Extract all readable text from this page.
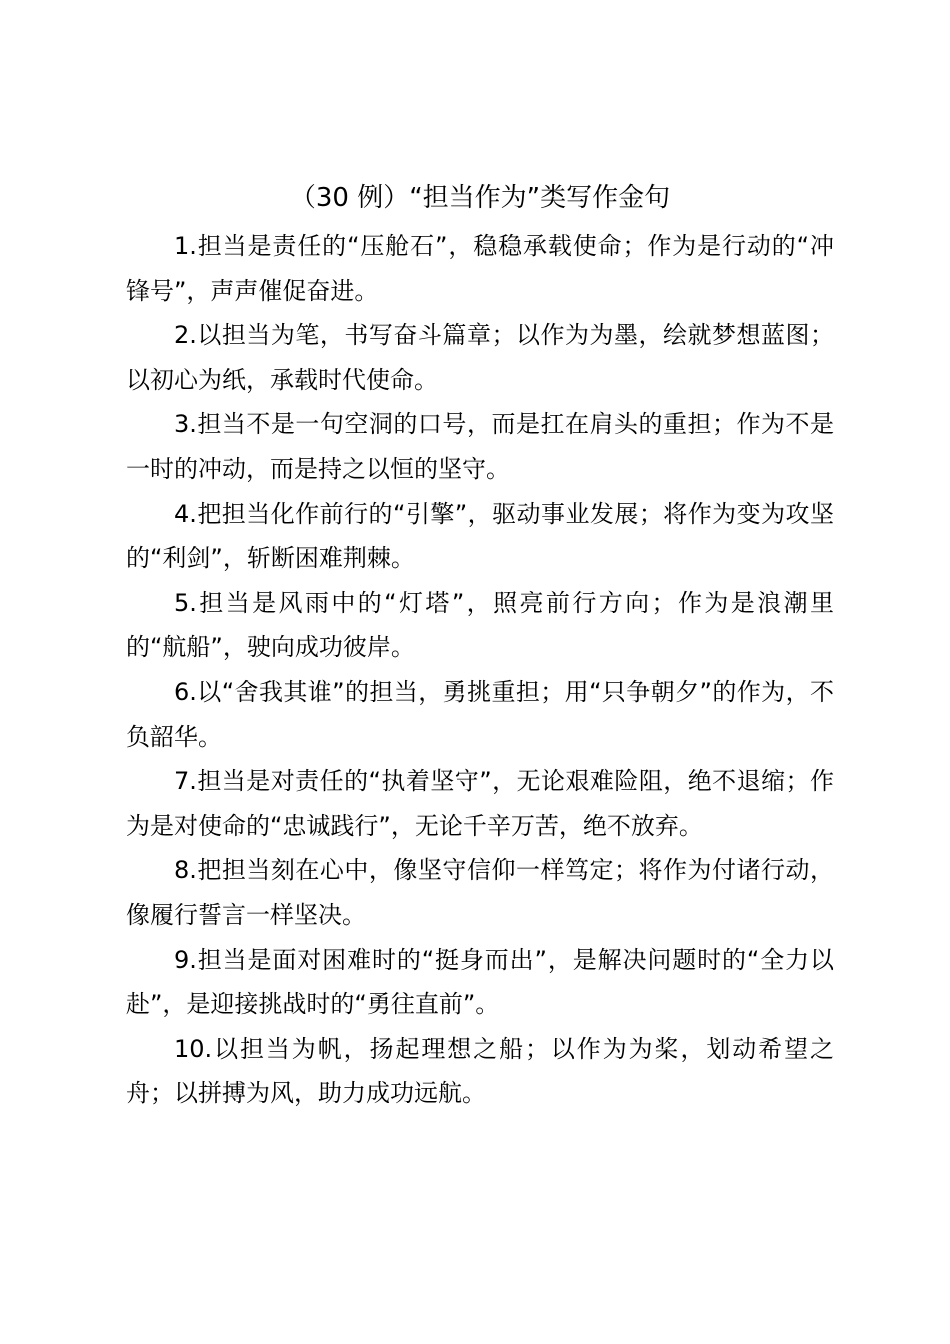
（30 例）“担当作为”类写作金句

1.担当是责任的“压舱石”，稳稳承载使命；作为是行动的“冲锋号”，声声催促奋进。

2.以担当为笔，书写奋斗篇章；以作为为墨，绘就梦想蓝图；以初心为纸，承载时代使命。

3.担当不是一句空洞的口号，而是扛在肩头的重担；作为不是一时的冲动，而是持之以恒的坚守。

4.把担当化作前行的“引擎”，驱动事业发展；将作为变为攻坚的“利剑”，斩断困难荆棘。

5.担当是风雨中的“灯塔”，照亮前行方向；作为是浪潮里的“航船”，驶向成功彼岸。

6.以“舍我其谁”的担当，勇挑重担；用“只争朝夕”的作为，不负韶华。

7.担当是对责任的“执着坚守”，无论艰难险阻，绝不退缩；作为是对使命的“忠诚践行”，无论千辛万苦，绝不放弃。

8.把担当刻在心中，像坚守信仰一样笃定；将作为付诸行动，像履行誓言一样坚决。

9.担当是面对困难时的“挺身而出”，是解决问题时的“全力以赴”，是迎接挑战时的“勇往直前”。

10.以担当为帆，扬起理想之船；以作为为桨，划动希望之舟；以拼搏为风，助力成功远航。
